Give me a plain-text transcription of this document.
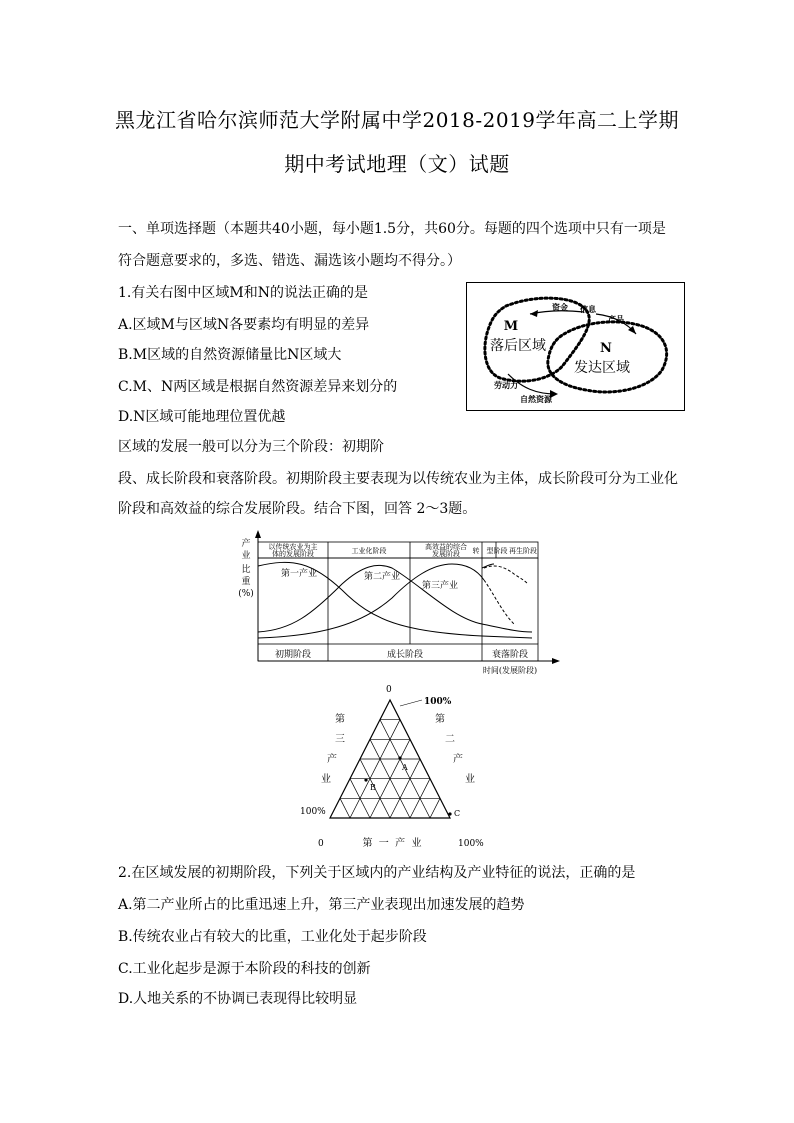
黑龙江省哈尔滨师范大学附属中学2018-2019学年高二上学期
期中考试地理（文）试题
一、单项选择题（本题共40小题，每小题1.5分，共60分。每题的四个选项中只有一项是
符合题意要求的，多选、错选、漏选该小题均不得分。）
1.有关右图中区域M和N的说法正确的是
A.区域M与区域N各要素均有明显的差异
B.M区域的自然资源储量比N区域大
C.M、N两区域是根据自然资源差异来划分的
D.N区域可能地理位置优越
M
落后区域	N
发达区域
资金 信息
产品
劳动力
自然资源
区域的发展一般可以分为三个阶段：初期阶
段、成长阶段和衰落阶段。初期阶段主要表现为以传统农业为主体，成长阶段可分为工业化
阶段和高效益的综合发展阶段。结合下图，回答 2～3题。
产
业
比
重
(%)
以传统农业为主
体的发展阶段	工业化阶段	高效益的综合
发展阶段 转 型阶段 再生阶段
第一产业	第二产业
第三产业
初期阶段	成长阶段	衰落阶段
时间(发展阶段)
0
100%
100%
0	100%
第
三
产
业
第
二
产
业
第  一  产  业
A
B
C
2.在区域发展的初期阶段，下列关于区域内的产业结构及产业特征的说法，正确的是
A.第二产业所占的比重迅速上升，第三产业表现出加速发展的趋势
B.传统农业占有较大的比重，工业化处于起步阶段
C.工业化起步是源于本阶段的科技的创新
D.人地关系的不协调已表现得比较明显
